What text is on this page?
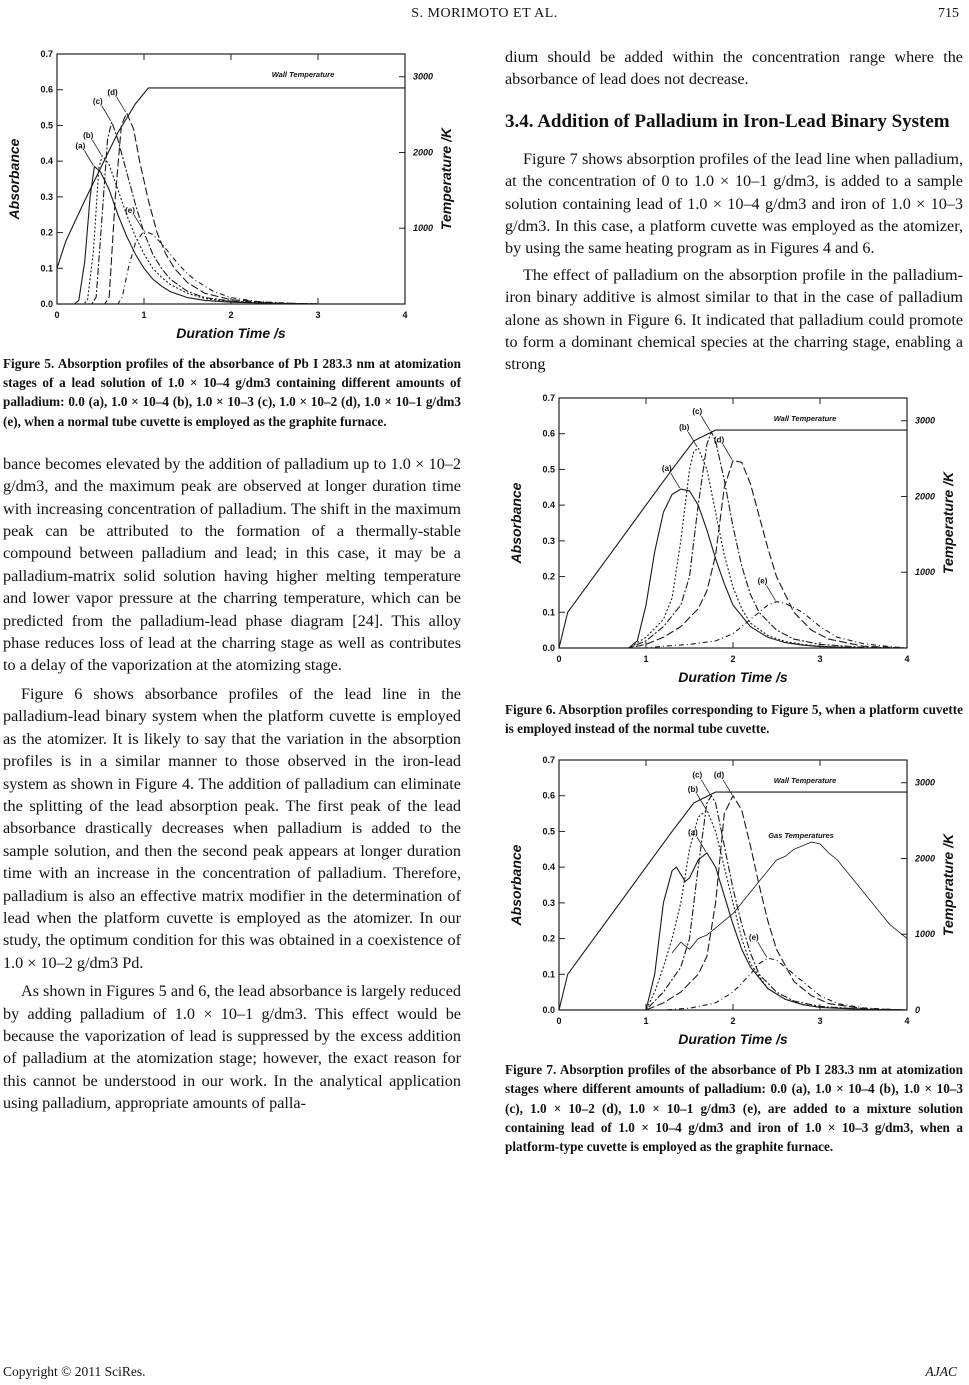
S. MORIMOTO ET AL.	715
0	1	2	3	4
0.0
0.1
0.2
0.3
0.4
0.5
0.6
0.7
1000
2000
3000
Duration Time /s
Absorbance	Temperature /K
(a)
(b)
(c)
(d)
(e)
Wall Temperature

Figure 5. Absorption profiles of the absorbance of Pb I 283.3 nm at atomization stages of a lead solution of 1.0 × 10–4 g/dm3 containing different amounts of palladium: 0.0 (a), 1.0 × 10–4 (b), 1.0 × 10–3 (c), 1.0 × 10–2 (d), 1.0 × 10–1 g/dm3 (e), when a normal tube cuvette is employed as the graphite furnace.

bance becomes elevated by the addition of palladium up to 1.0 × 10–2 g/dm3, and the maximum peak are observed at longer duration time with increasing concentration of palladium. The shift in the maximum peak can be attributed to the formation of a thermally-stable compound between palladium and lead; in this case, it may be a palladium-matrix solid solution having higher melting temperature and lower vapor pressure at the charring temperature, which can be predicted from the palladium-lead phase diagram [24]. This alloy phase reduces loss of lead at the charring stage as well as contributes to a delay of the vaporization at the atomizing stage.

Figure 6 shows absorbance profiles of the lead line in the palladium-lead binary system when the platform cuvette is employed as the atomizer. It is likely to say that the variation in the absorption profiles is in a similar manner to those observed in the iron-lead system as shown in Figure 4. The addition of palladium can eliminate the splitting of the lead absorption peak. The first peak of the lead absorbance drastically decreases when palladium is added to the sample solution, and then the second peak appears at longer duration time with an increase in the concentration of palladium. Therefore, palladium is also an effective matrix modifier in the determination of lead when the platform cuvette is employed as the atomizer. In our study, the optimum condition for this was obtained in a coexistence of 1.0 × 10–2 g/dm3 Pd.

As shown in Figures 5 and 6, the lead absorbance is largely reduced by adding palladium of 1.0 × 10–1 g/dm3. This effect would be because the vaporization of lead is suppressed by the excess addition of palladium at the atomization stage; however, the exact reason for this cannot be understood in our work. In the analytical application using palladium, appropriate amounts of palla-

dium should be added within the concentration range where the absorbance of lead does not decrease.

3.4. Addition of Palladium in Iron-Lead Binary System

Figure 7 shows absorption profiles of the lead line when palladium, at the concentration of 0 to 1.0 × 10–1 g/dm3, is added to a sample solution containing lead of 1.0 × 10–4 g/dm3 and iron of 1.0 × 10–3 g/dm3. In this case, a platform cuvette was employed as the atomizer, by using the same heating program as in Figures 4 and 6.

The effect of palladium on the absorption profile in the palladium-iron binary additive is almost similar to that in the case of palladium alone as shown in Figure 6. It indicated that palladium could promote to form a dominant chemical species at the charring stage, enabling a strong

0	1	2	3	4
0.0
0.1
0.2
0.3
0.4
0.5
0.6
0.7
1000
2000
3000
Duration Time /s
Absorbance	Temperature /K
(a)
(b)
(c)
(d)
(e)
Wall Temperature

Figure 6. Absorption profiles corresponding to Figure 5, when a platform cuvette is employed instead of the normal tube cuvette.

0	1	2	3	4
0.0
0.1
0.2
0.3
0.4
0.5
0.6
0.7
0
1000
2000
3000
Duration Time /s
Absorbance	Temperature /K
(a)
(b)
(c) (d)
(e)
Wall Temperature
Gas Temperatures

Figure 7. Absorption profiles of the absorbance of Pb I 283.3 nm at atomization stages where different amounts of palladium: 0.0 (a), 1.0 × 10–4 (b), 1.0 × 10–3 (c), 1.0 × 10–2 (d), 1.0 × 10–1 g/dm3 (e), are added to a mixture solution containing lead of 1.0 × 10–4 g/dm3 and iron of 1.0 × 10–3 g/dm3, when a platform-type cuvette is employed as the graphite furnace.

Copyright © 2011 SciRes.	AJAC
